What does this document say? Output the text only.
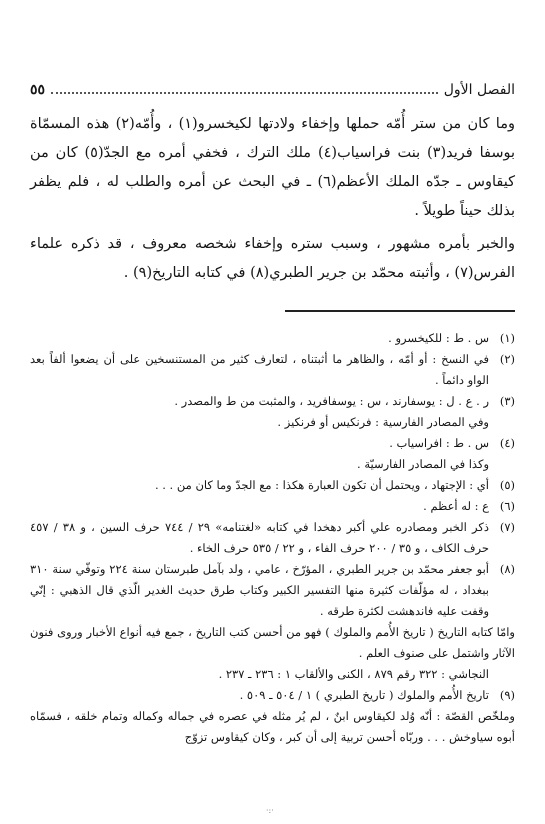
الفصل الأول
٥٥

وما كان من ستر أُمّه حملها وإخفاء ولادتها لكيخسرو(١) ، وأُمّه(٢) هذه المسمّاة بوسفا فريد(٣) بنت فراسياب(٤) ملك الترك ، فخفي أمره مع الجدّ(٥) كان من كيقاوس ـ جدّه الملك الأعظم(٦) ـ في البحث عن أمره والطلب له ، فلم يظفر بذلك حيناً طويلاً .

والخبر بأمره مشهور ، وسبب ستره وإخفاء شخصه معروف ، قد ذكره علماء الفرس(٧) ، وأثبته محمّد بن جرير الطبري(٨) في كتابه التاريخ(٩) .

(١)
س . ط : للكيخسرو .
(٢)
في النسخ : أو أمّه ، والظاهر ما أثبتناه ، لتعارف كثير من المستنسخين على أن يضعوا ألفاً بعد الواو دائماً .
(٣)
ر . ع . ل : يوسفارند ، س : يوسفافريد ، والمثبت من ط والمصدر .
وفي المصادر الفارسية : فرنكيس أو فرنكيز .
(٤)
س . ط : افراسياب .
وكذا في المصادر الفارسيّة .
(٥)
أي : الإجتهاد ، ويحتمل أن تكون العبارة هكذا : مع الجدّ وما كان من . . .
(٦)
ع : له أعظم .
(٧)
ذكر الخبر ومصادره علي أكبر دهخدا في كتابه «لغتنامه» ٢٩ / ٧٤٤ حرف السين ، و ٣٨ / ٤٥٧ حرف الكاف ، و ٣٥ / ٢٠٠ حرف الفاء ، و ٢٢ / ٥٣٥ حرف الخاء .
(٨)
أبو جعفر محمّد بن جرير الطبري ، المؤرّخ ، عامي ، ولد بآمل طبرستان سنة ٢٢٤ وتوفّي سنة ٣١٠ ببغداد ، له مؤلّفات كثيرة منها التفسير الكبير وكتاب طرق حديث الغدير الّذي قال الذهبي : إنّي وقفت عليه فاندهشت لكثرة طرقه .
وامّا كتابه التاريخ ( تاريخ الأُمم والملوك ) فهو من أحسن كتب التاريخ ، جمع فيه أنواع الأخبار وروى فنون الآثار واشتمل على صنوف العلم .
النجاشي : ٣٢٢ رقم ٨٧٩ ، الكنى والألقاب ١ : ٢٣٦ ـ ٢٣٧ .
(٩)
تاريخ الأُمم والملوك ( تاريخ الطبري ) ١ / ٥٠٤ ـ ٥٠٩ .
وملخّص القصّة : أنّه وُلد لكيقاوس ابنٌ ، لم يُر مثله في عصره في جماله وكماله وتمام خلقه ، فسمّاه أبوه سياوخش . . . وربّاه أحسن تربية إلى أن كبر ، وكان كيقاوس تزوّج
·:·
